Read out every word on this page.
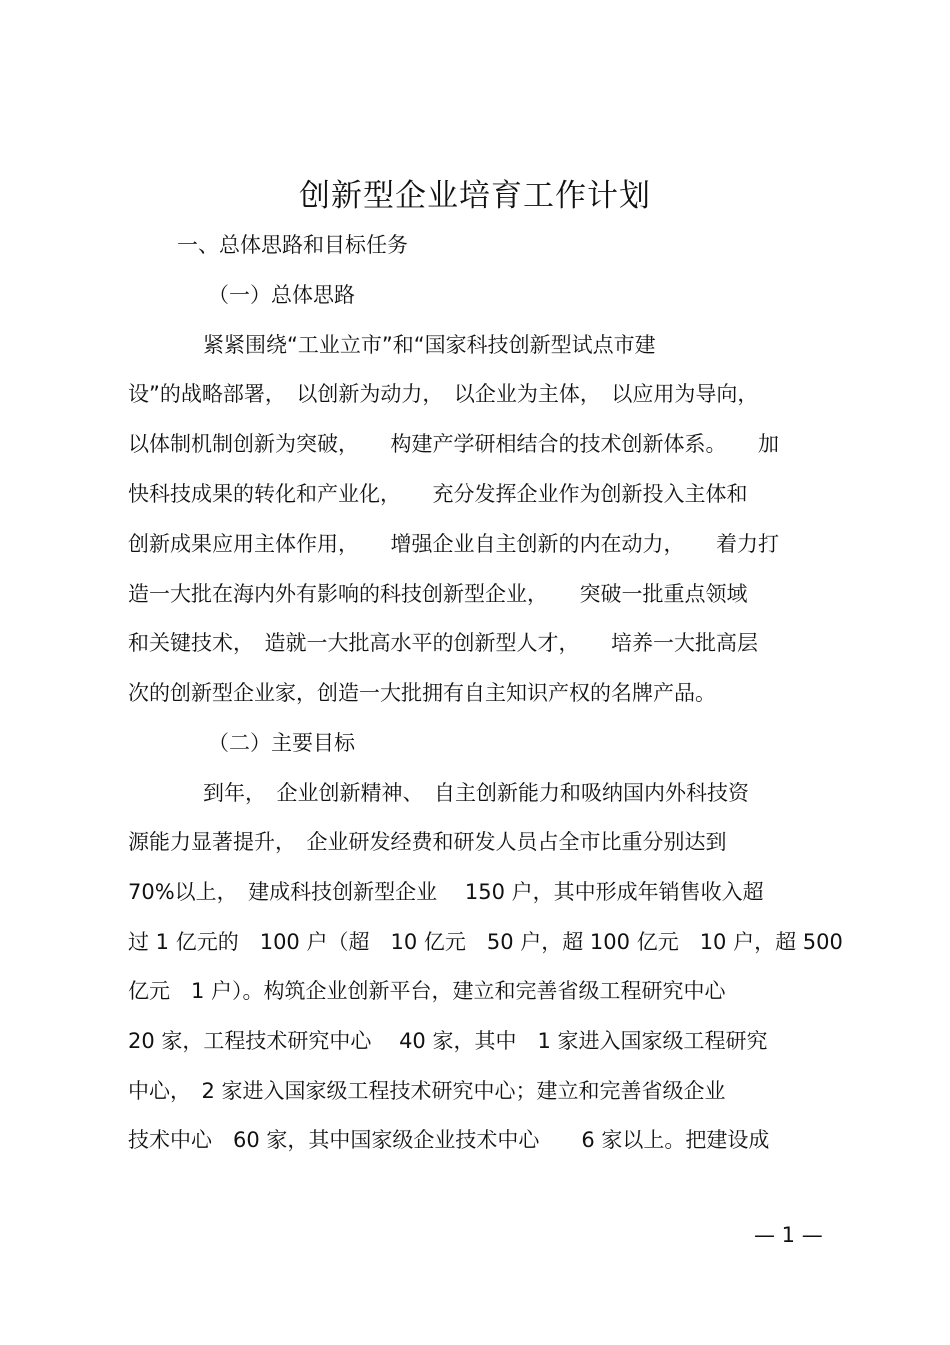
创新型企业培育工作计划
一、总体思路和目标任务
（一）总体思路
紧紧围绕“工业立市”和“国家科技创新型试点市建
设”的战略部署，　以创新为动力，　以企业为主体，　以应用为导向，
以体制机制创新为突破，　　构建产学研相结合的技术创新体系。　　加
快科技成果的转化和产业化，　　充分发挥企业作为创新投入主体和
创新成果应用主体作用，　　增强企业自主创新的内在动力，　　着力打
造一大批在海内外有影响的科技创新型企业，　　突破一批重点领域
和关键技术，　造就一大批高水平的创新型人才，　　培养一大批高层
次的创新型企业家，创造一大批拥有自主知识产权的名牌产品。
（二）主要目标
到年，　企业创新精神、　自主创新能力和吸纳国内外科技资
源能力显著提升，　企业研发经费和研发人员占全市比重分别达到
70%以上，　建成科技创新型企业　 150 户，其中形成年销售收入超
过 1 亿元的　100 户（超　10 亿元　50 户，超 100 亿元　10 户，超 500
亿元　1 户）。构筑企业创新平台，建立和完善省级工程研究中心
20 家，工程技术研究中心　 40 家，其中　1 家进入国家级工程研究
中心，　2 家进入国家级工程技术研究中心；建立和完善省级企业
技术中心　60 家，其中国家级企业技术中心　　6 家以上。把建设成
— 1 —
